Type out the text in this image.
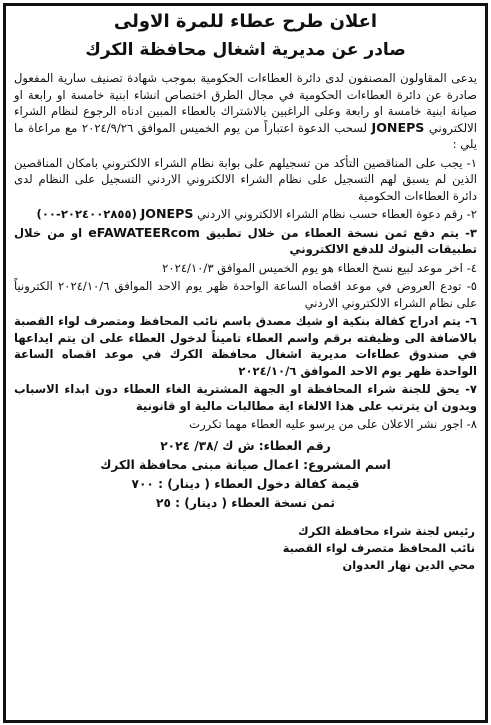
اعلان طرح عطاء للمرة الاولى
صادر عن مديرية اشغال محافظة الكرك

يدعى المقاولون المصنفون لدى دائرة العطاءات الحكومية بموجب شهادة تصنيف سارية المفعول صادرة عن دائرة العطاءات الحكومية في مجال الطرق اختصاص انشاء ابنية خامسة او رابعة او صيانة ابنية خامسة او رابعة وعلى الراغبين بالاشتراك بالعطاء المبين ادناه الرجوع لنظام الشراء الالكتروني JONEPS لسحب الدعوة اعتباراً من يوم الخميس الموافق ٢٠٢٤/٩/٢٦ مع مراعاة ما يلي :

١- يجب على المناقصين التأكد من تسجيلهم على بوابة نظام الشراء الالكتروني بامكان المناقصين الذين لم يسبق لهم التسجيل على نظام الشراء الالكتروني الاردني التسجيل على النظام لدى دائرة العطاءات الحكومية

٢- رقم دعوة العطاء حسب نظام الشراء الالكتروني الاردني JONEPS (٢٠٢٤٠٠٢٨٥٥-٠٠)

٣- يتم دفع ثمن نسخة العطاء من خلال تطبيق eFAWATEERcom او من خلال تطبيقات البنوك للدفع الالكتروني

٤- اخر موعد لبيع نسخ العطاء هو يوم الخميس الموافق ٢٠٢٤/١٠/٣

٥- تودع العروض في موعد اقصاه الساعة الواحدة ظهر يوم الاحد الموافق ٢٠٢٤/١٠/٦ الكترونياً على نظام الشراء الالكتروني الاردني

٦- يتم ادراج كفالة بنكية او شيك مصدق باسم نائب المحافظ ومتصرف لواء القصبة بالاضافة الى وظيفته برقم واسم العطاء تاميناً لدخول العطاء على ان يتم ايداعها في صندوق عطاءات مديرية اشغال محافظة الكرك في موعد اقصاه الساعة الواحدة ظهر يوم الاحد الموافق ٢٠٢٤/١٠/٦

٧- يحق للجنة شراء المحافظة او الجهة المشترية الغاء العطاء دون ابداء الاسباب ويدون ان يترتب على هذا الالغاء اية مطالبات مالية او قانونية

٨- اجور نشر الاعلان على من يرسو عليه العطاء مهما تكررت

رقم العطاء: ش ك /٣٨/ ٢٠٢٤
اسم المشروع: اعمال صيانة مبنى محافظة الكرك
قيمة كفالة دخول العطاء ( دينار) : ٧٠٠
ثمن نسخة العطاء ( دينار) : ٢٥
رئيس لجنة شراء محافظة الكرك
نائب المحافظ متصرف لواء القصبة
محي الدين نهار العدوان
